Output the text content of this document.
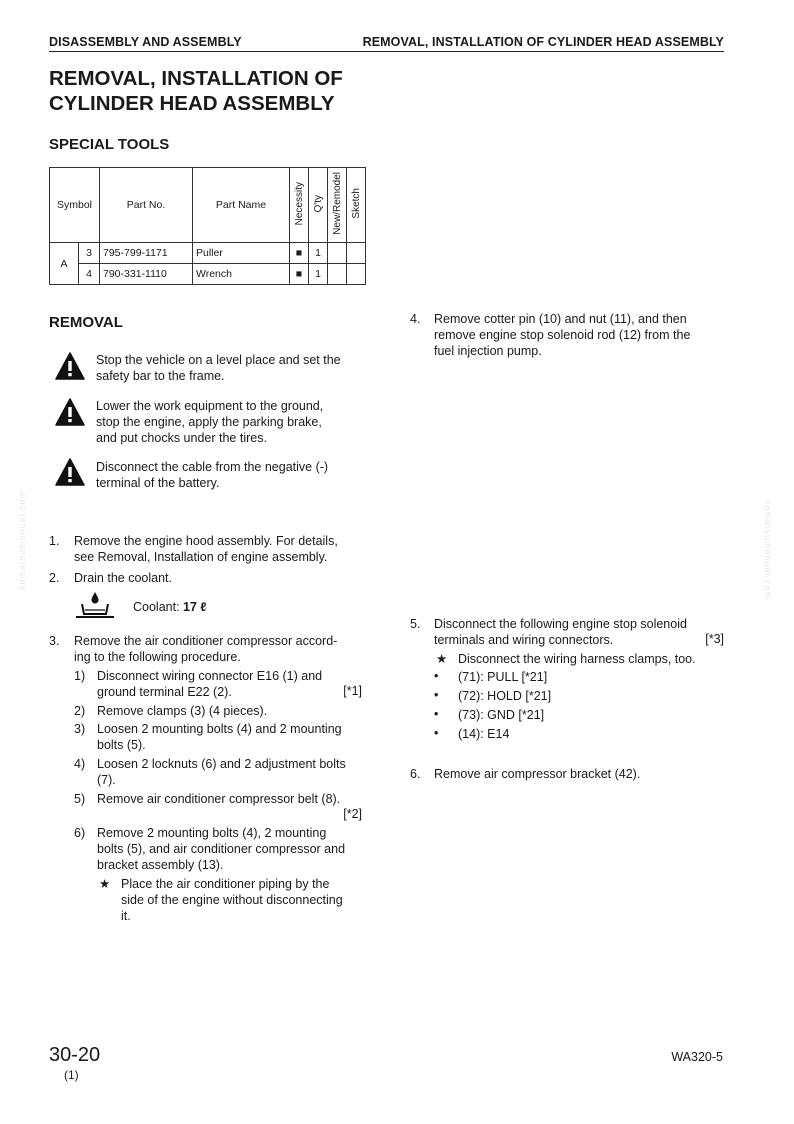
DISASSEMBLY AND ASSEMBLY	REMOVAL, INSTALLATION OF CYLINDER HEAD ASSEMBLY
REMOVAL, INSTALLATION OF
CYLINDER HEAD ASSEMBLY
SPECIAL TOOLS
Symbol		Part No.	Part Name	Necessity	Q'ty	New/Remodel	Sketch
A	3	795-799-1171	Puller	■	1		
	4	790-331-1110	Wrench	■	1		
REMOVAL
Stop the vehicle on a level place and set the
safety bar to the frame.
Lower the work equipment to the ground,
stop the engine, apply the parking brake,
and put chocks under the tires.
Disconnect the cable from the negative (-)
terminal of the battery.
1. Remove the engine hood assembly. For details,
see Removal, Installation of engine assembly.
2. Drain the coolant.
Coolant: 17 ℓ
3. Remove the air conditioner compressor accord-
ing to the following procedure.
1) Disconnect wiring connector E16 (1) and
ground terminal E22 (2).	[*1]
2) Remove clamps (3) (4 pieces).
3) Loosen 2 mounting bolts (4) and 2 mounting
bolts (5).
4) Loosen 2 locknuts (6) and 2 adjustment bolts
(7).
5) Remove air conditioner compressor belt (8).
[*2]
6) Remove 2 mounting bolts (4), 2 mounting
bolts (5), and air conditioner compressor and
bracket assembly (13).
★ Place the air conditioner piping by the
side of the engine without disconnecting
it.
4. Remove cotter pin (10) and nut (11), and then
remove engine stop solenoid rod (12) from the
fuel injection pump.
5. Disconnect the following engine stop solenoid
terminals and wiring connectors.	[*3]
★ Disconnect the wiring harness clamps, too.
• (71): PULL [*21]
• (72): HOLD [*21]
• (73): GND [*21]
• (14): E14
6. Remove air compressor bracket (42).
komatsumanual.com	komatsumanual.com
30-20
(1)
WA320-5
